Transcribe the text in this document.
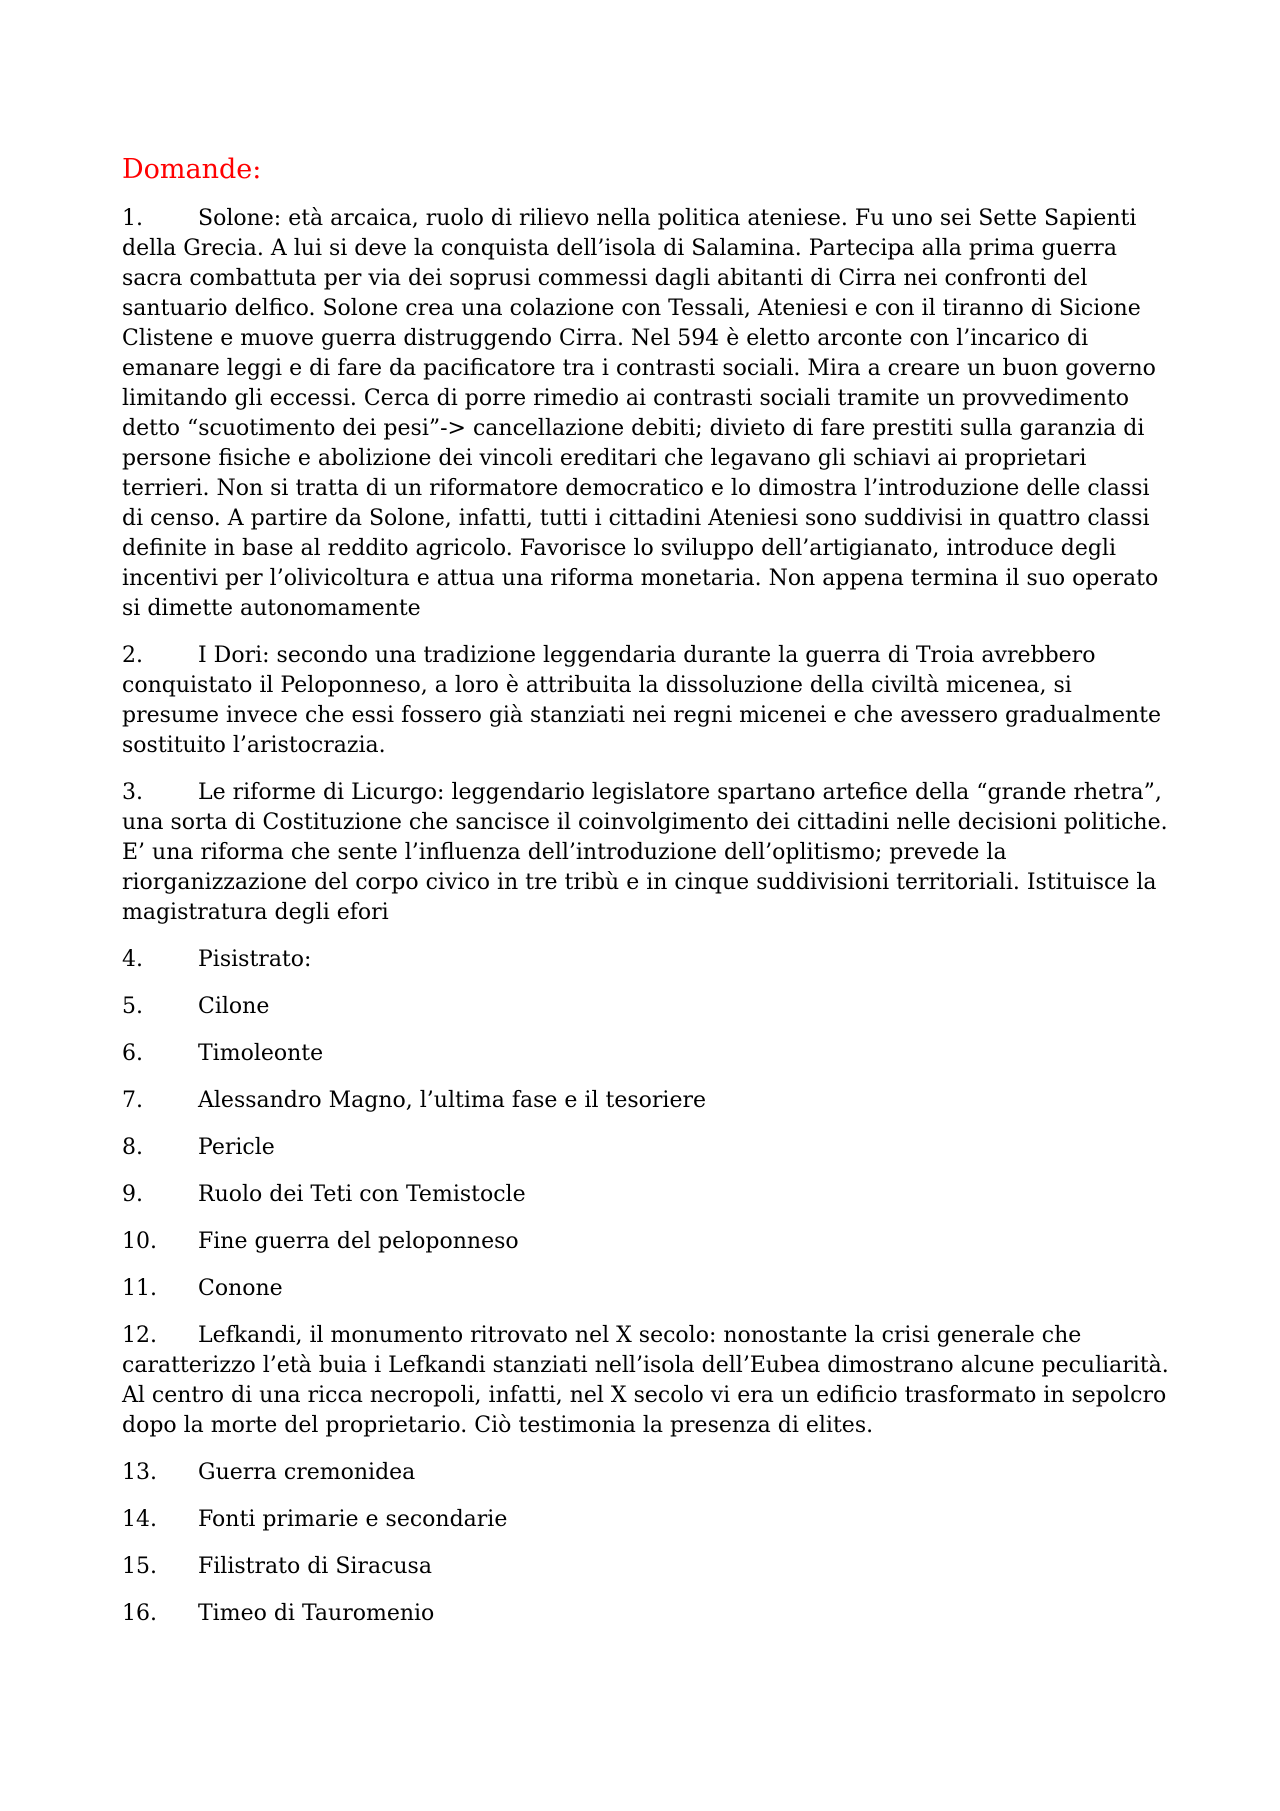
Domande:

1.	Solone: età arcaica, ruolo di rilievo nella politica ateniese. Fu uno sei Sette Sapienti della Grecia. A lui si deve la conquista dell’isola di Salamina. Partecipa alla prima guerra sacra combattuta per via dei soprusi commessi dagli abitanti di Cirra nei confronti del santuario delfico. Solone crea una colazione con Tessali, Ateniesi e con il tiranno di Sicione Clistene e muove guerra distruggendo Cirra. Nel 594 è eletto arconte con l’incarico di emanare leggi e di fare da pacificatore tra i contrasti sociali. Mira a creare un buon governo limitando gli eccessi. Cerca di porre rimedio ai contrasti sociali tramite un provvedimento detto “scuotimento dei pesi”-> cancellazione debiti; divieto di fare prestiti sulla garanzia di persone fisiche e abolizione dei vincoli ereditari che legavano gli schiavi ai proprietari terrieri. Non si tratta di un riformatore democratico e lo dimostra l’introduzione delle classi di censo. A partire da Solone, infatti, tutti i cittadini Ateniesi sono suddivisi in quattro classi definite in base al reddito agricolo. Favorisce lo sviluppo dell’artigianato, introduce degli incentivi per l’olivicoltura e attua una riforma monetaria. Non appena termina il suo operato si dimette autonomamente

2.	I Dori: secondo una tradizione leggendaria durante la guerra di Troia avrebbero conquistato il Peloponneso, a loro è attribuita la dissoluzione della civiltà micenea, si presume invece che essi fossero già stanziati nei regni micenei e che avessero gradualmente sostituito l’aristocrazia.

3.	Le riforme di Licurgo: leggendario legislatore spartano artefice della “grande rhetra”, una sorta di Costituzione che sancisce il coinvolgimento dei cittadini nelle decisioni politiche. E’ una riforma che sente l’influenza dell’introduzione dell’oplitismo; prevede la riorganizzazione del corpo civico in tre tribù e in cinque suddivisioni territoriali. Istituisce la magistratura degli efori

4.	Pisistrato:

5.	Cilone

6.	Timoleonte

7.	Alessandro Magno, l’ultima fase e il tesoriere

8.	Pericle

9.	Ruolo dei Teti con Temistocle

10. Fine guerra del peloponneso

11. Conone

12. Lefkandi, il monumento ritrovato nel X secolo: nonostante la crisi generale che caratterizzo l’età buia i Lefkandi stanziati nell’isola dell’Eubea dimostrano alcune peculiarità. Al centro di una ricca necropoli, infatti, nel X secolo vi era un edificio trasformato in sepolcro dopo la morte del proprietario. Ciò testimonia la presenza di elites.

13. Guerra cremonidea

14. Fonti primarie e secondarie

15. Filistrato di Siracusa

16. Timeo di Tauromenio
